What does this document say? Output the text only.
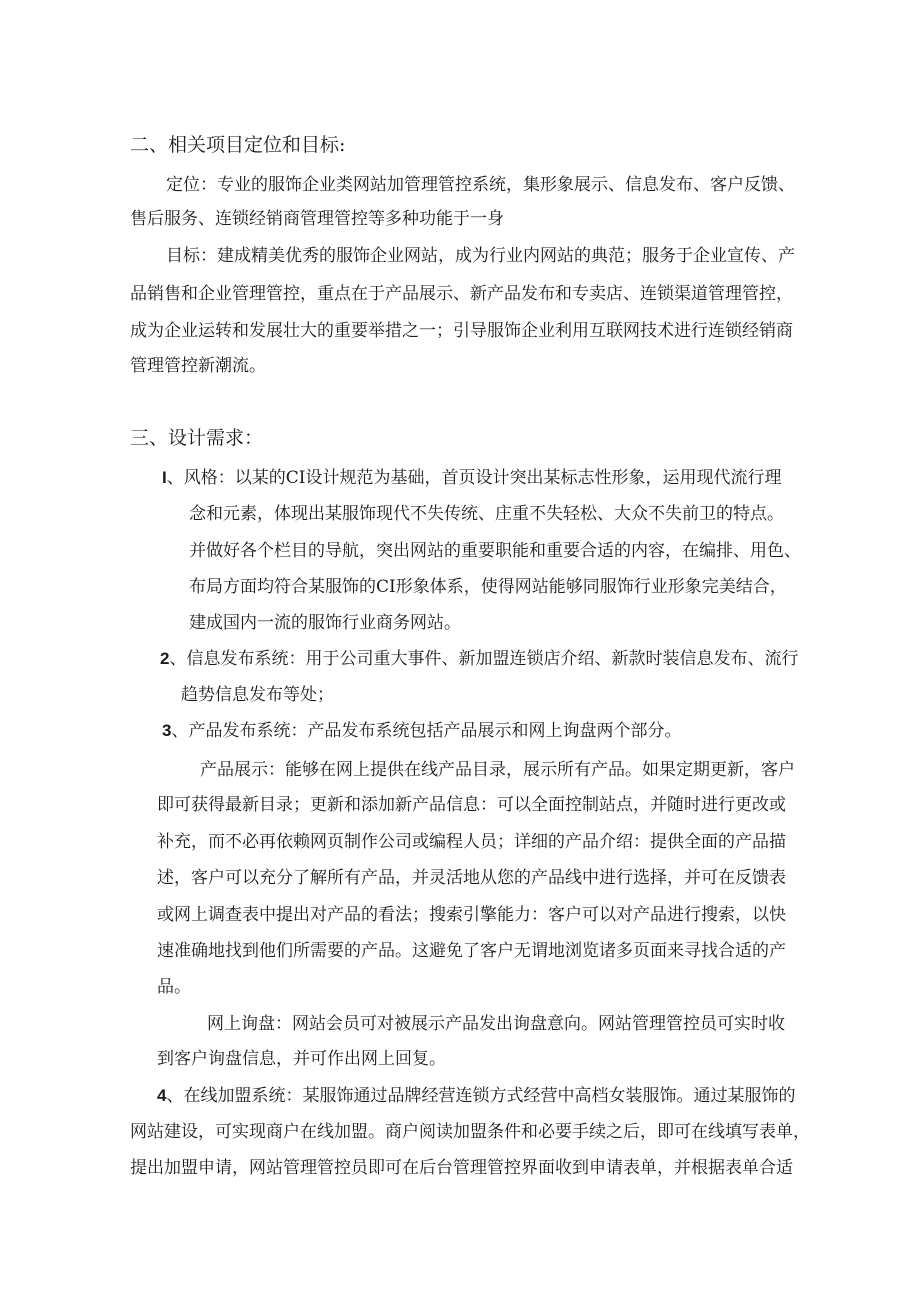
二、相关项目定位和目标:
定位：专业的服饰企业类网站加管理管控系统，集形象展示、信息发布、客户反馈、
售后服务、连锁经销商管理管控等多种功能于一身
目标：建成精美优秀的服饰企业网站，成为行业内网站的典范；服务于企业宣传、产
品销售和企业管理管控，重点在于产品展示、新产品发布和专卖店、连锁渠道管理管控，
成为企业运转和发展壮大的重要举措之一；引导服饰企业利用互联网技术进行连锁经销商
管理管控新潮流。
三、设计需求：
I、风格：以某的CI设计规范为基础，首页设计突出某标志性形象，运用现代流行理
念和元素，体现出某服饰现代不失传统、庄重不失轻松、大众不失前卫的特点。
并做好各个栏目的导航，突出网站的重要职能和重要合适的内容，在编排、用色、
布局方面均符合某服饰的CI形象体系，使得网站能够同服饰行业形象完美结合，
建成国内一流的服饰行业商务网站。
2、信息发布系统：用于公司重大事件、新加盟连锁店介绍、新款时装信息发布、流行
趋势信息发布等处；
3、产品发布系统：产品发布系统包括产品展示和网上询盘两个部分。
产品展示：能够在网上提供在线产品目录，展示所有产品。如果定期更新，客户
即可获得最新目录；更新和添加新产品信息：可以全面控制站点，并随时进行更改或
补充，而不必再依赖网页制作公司或编程人员；详细的产品介绍：提供全面的产品描
述，客户可以充分了解所有产品，并灵活地从您的产品线中进行选择，并可在反馈表
或网上调查表中提出对产品的看法；搜索引擎能力：客户可以对产品进行搜索，以快
速准确地找到他们所需要的产品。这避免了客户无谓地浏览诸多页面来寻找合适的产
品。
网上询盘：网站会员可对被展示产品发出询盘意向。网站管理管控员可实时收
到客户询盘信息，并可作出网上回复。
4、在线加盟系统：某服饰通过品牌经营连锁方式经营中高档女装服饰。通过某服饰的
网站建设，可实现商户在线加盟。商户阅读加盟条件和必要手续之后，即可在线填写表单，
提出加盟申请，网站管理管控员即可在后台管理管控界面收到申请表单，并根据表单合适
